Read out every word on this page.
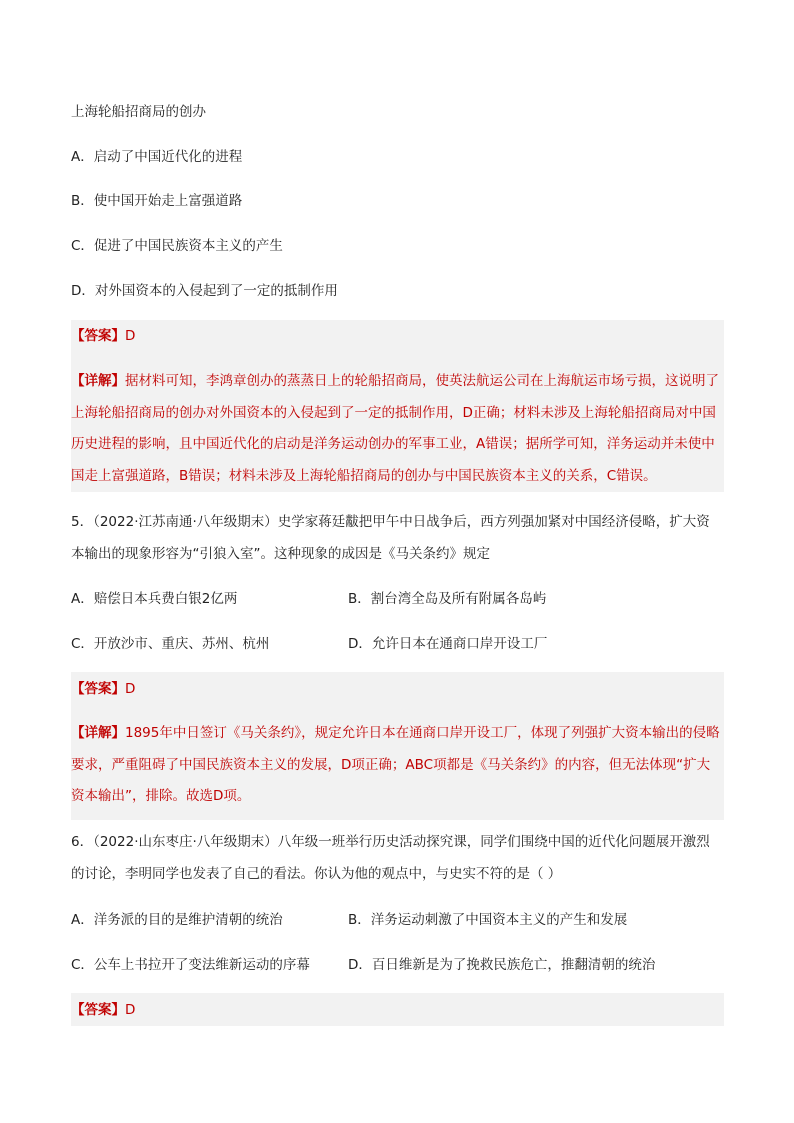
上海轮船招商局的创办
A．启动了中国近代化的进程
B．使中国开始走上富强道路
C．促进了中国民族资本主义的产生
D．对外国资本的入侵起到了一定的抵制作用
【答案】D
【详解】据材料可知，李鸿章创办的蒸蒸日上的轮船招商局，使英法航运公司在上海航运市场亏损，这说明了上海轮船招商局的创办对外国资本的入侵起到了一定的抵制作用，D正确；材料未涉及上海轮船招商局对中国历史进程的影响，且中国近代化的启动是洋务运动创办的军事工业，A错误；据所学可知，洋务运动并未使中国走上富强道路，B错误；材料未涉及上海轮船招商局的创办与中国民族资本主义的关系，C错误。
5．（2022·江苏南通·八年级期末）史学家蒋廷黻把甲午中日战争后，西方列强加紧对中国经济侵略，扩大资本输出的现象形容为“引狼入室”。这种现象的成因是《马关条约》规定
A．赔偿日本兵费白银2亿两	B．割台湾全岛及所有附属各岛屿
C．开放沙市、重庆、苏州、杭州	D．允许日本在通商口岸开设工厂
【答案】D
【详解】1895年中日签订《马关条约》，规定允许日本在通商口岸开设工厂，体现了列强扩大资本输出的侵略要求，严重阻碍了中国民族资本主义的发展，D项正确；ABC项都是《马关条约》的内容，但无法体现“扩大资本输出”，排除。故选D项。
6．（2022·山东枣庄·八年级期末）八年级一班举行历史活动探究课，同学们围绕中国的近代化问题展开激烈的讨论，李明同学也发表了自己的看法。你认为他的观点中，与史实不符的是（ ）
A．洋务派的目的是维护清朝的统治	B．洋务运动刺激了中国资本主义的产生和发展
C．公车上书拉开了变法维新运动的序幕	D．百日维新是为了挽救民族危亡，推翻清朝的统治
【答案】D
